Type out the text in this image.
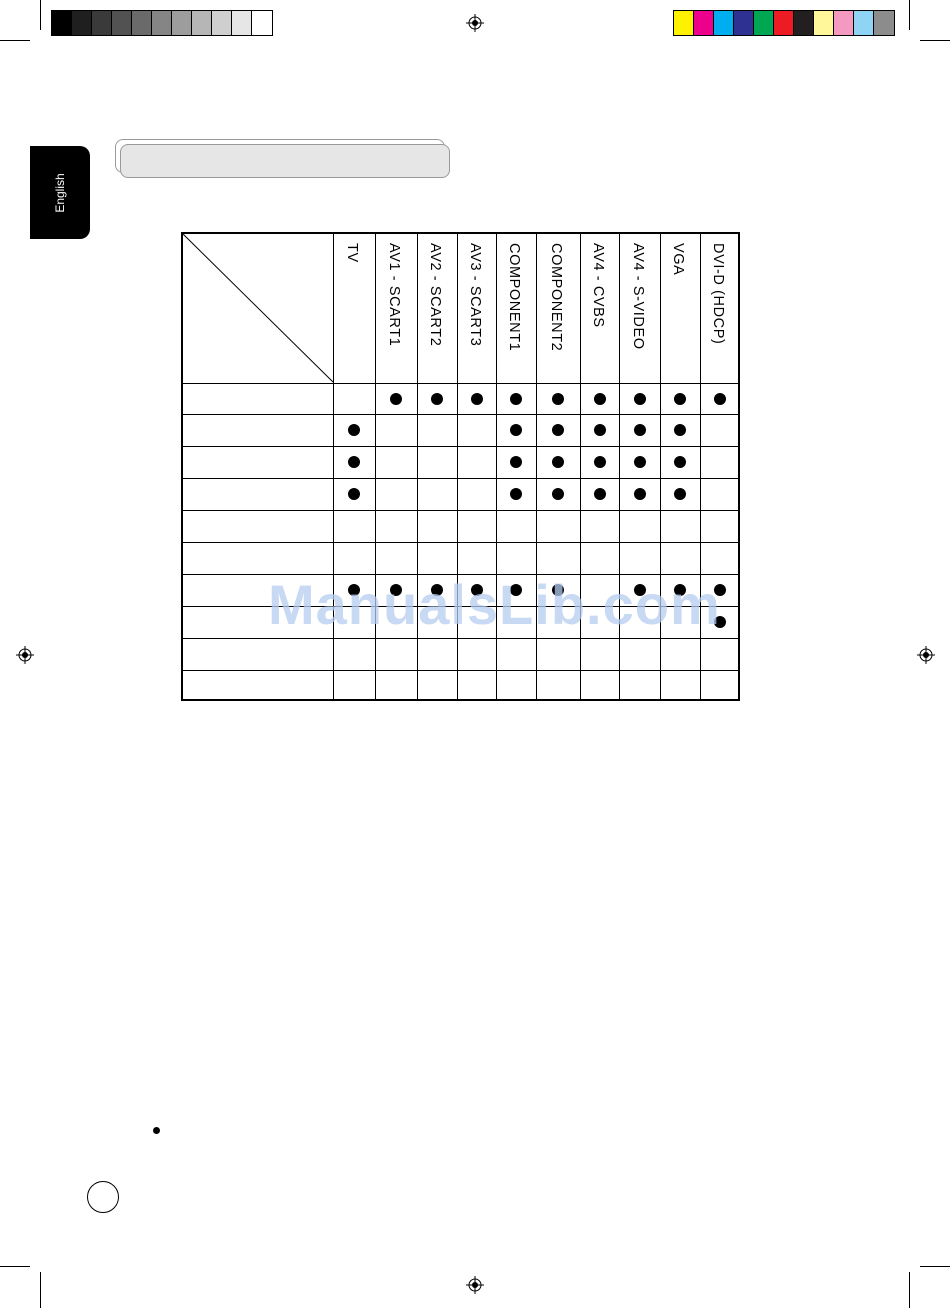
English
TV AV1 - SCART1 AV2 - SCART2 AV3 - SCART3 COMPONENT1 COMPONENT2 AV4 - CVBS AV4 - S-VIDEO VGA DVI-D (HDCP)
ManualsLib.com
